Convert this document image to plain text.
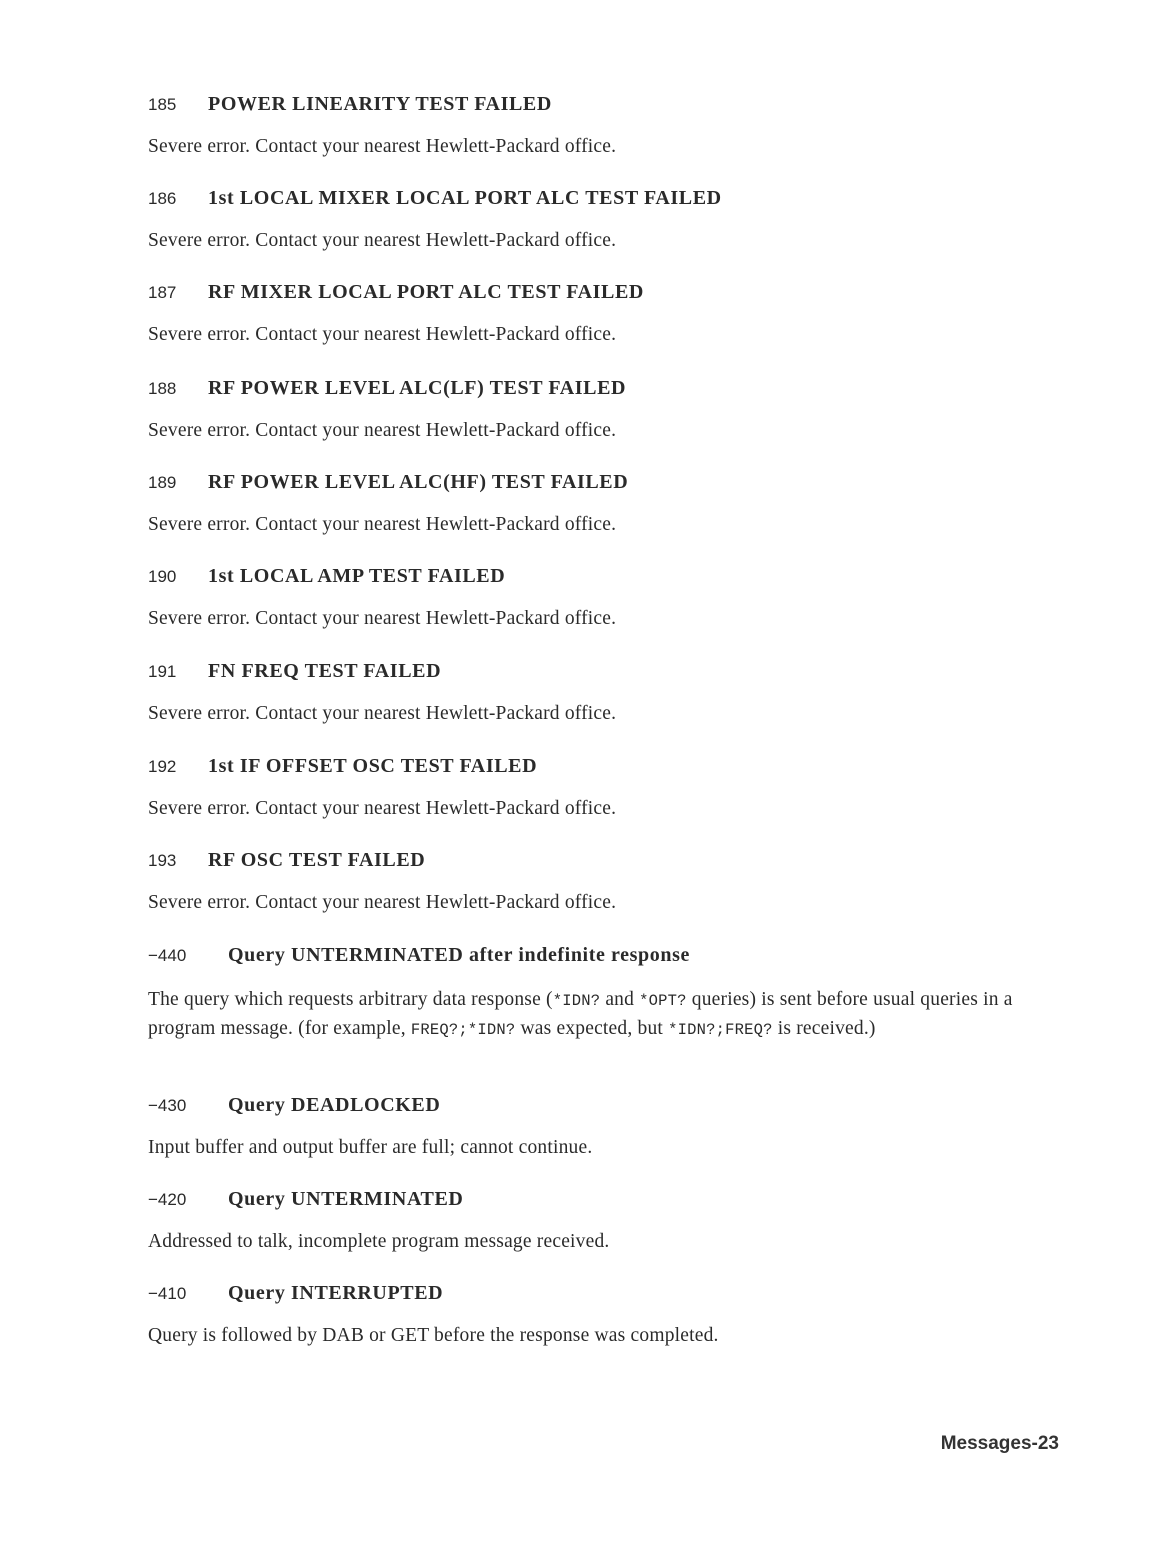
185	POWER LINEARITY TEST FAILED

Severe error. Contact your nearest Hewlett-Packard office.

186	1st LOCAL MIXER LOCAL PORT ALC TEST FAILED

Severe error. Contact your nearest Hewlett-Packard office.

187	RF MIXER LOCAL PORT ALC TEST FAILED

Severe error. Contact your nearest Hewlett-Packard office.

188	RF POWER LEVEL ALC(LF) TEST FAILED

Severe error. Contact your nearest Hewlett-Packard office.

189	RF POWER LEVEL ALC(HF) TEST FAILED

Severe error. Contact your nearest Hewlett-Packard office.

190	1st LOCAL AMP TEST FAILED

Severe error. Contact your nearest Hewlett-Packard office.

191	FN FREQ TEST FAILED

Severe error. Contact your nearest Hewlett-Packard office.

192	1st IF OFFSET OSC TEST FAILED

Severe error. Contact your nearest Hewlett-Packard office.

193	RF OSC TEST FAILED

Severe error. Contact your nearest Hewlett-Packard office.

−440	Query UNTERMINATED after indefinite response

The query which requests arbitrary data response (*IDN? and *OPT? queries) is sent before usual queries in a program message. (for example, FREQ?;*IDN? was expected, but *IDN?;FREQ? is received.)

−430	Query DEADLOCKED

Input buffer and output buffer are full; cannot continue.

−420	Query UNTERMINATED

Addressed to talk, incomplete program message received.

−410	Query INTERRUPTED

Query is followed by DAB or GET before the response was completed.

Messages-23
